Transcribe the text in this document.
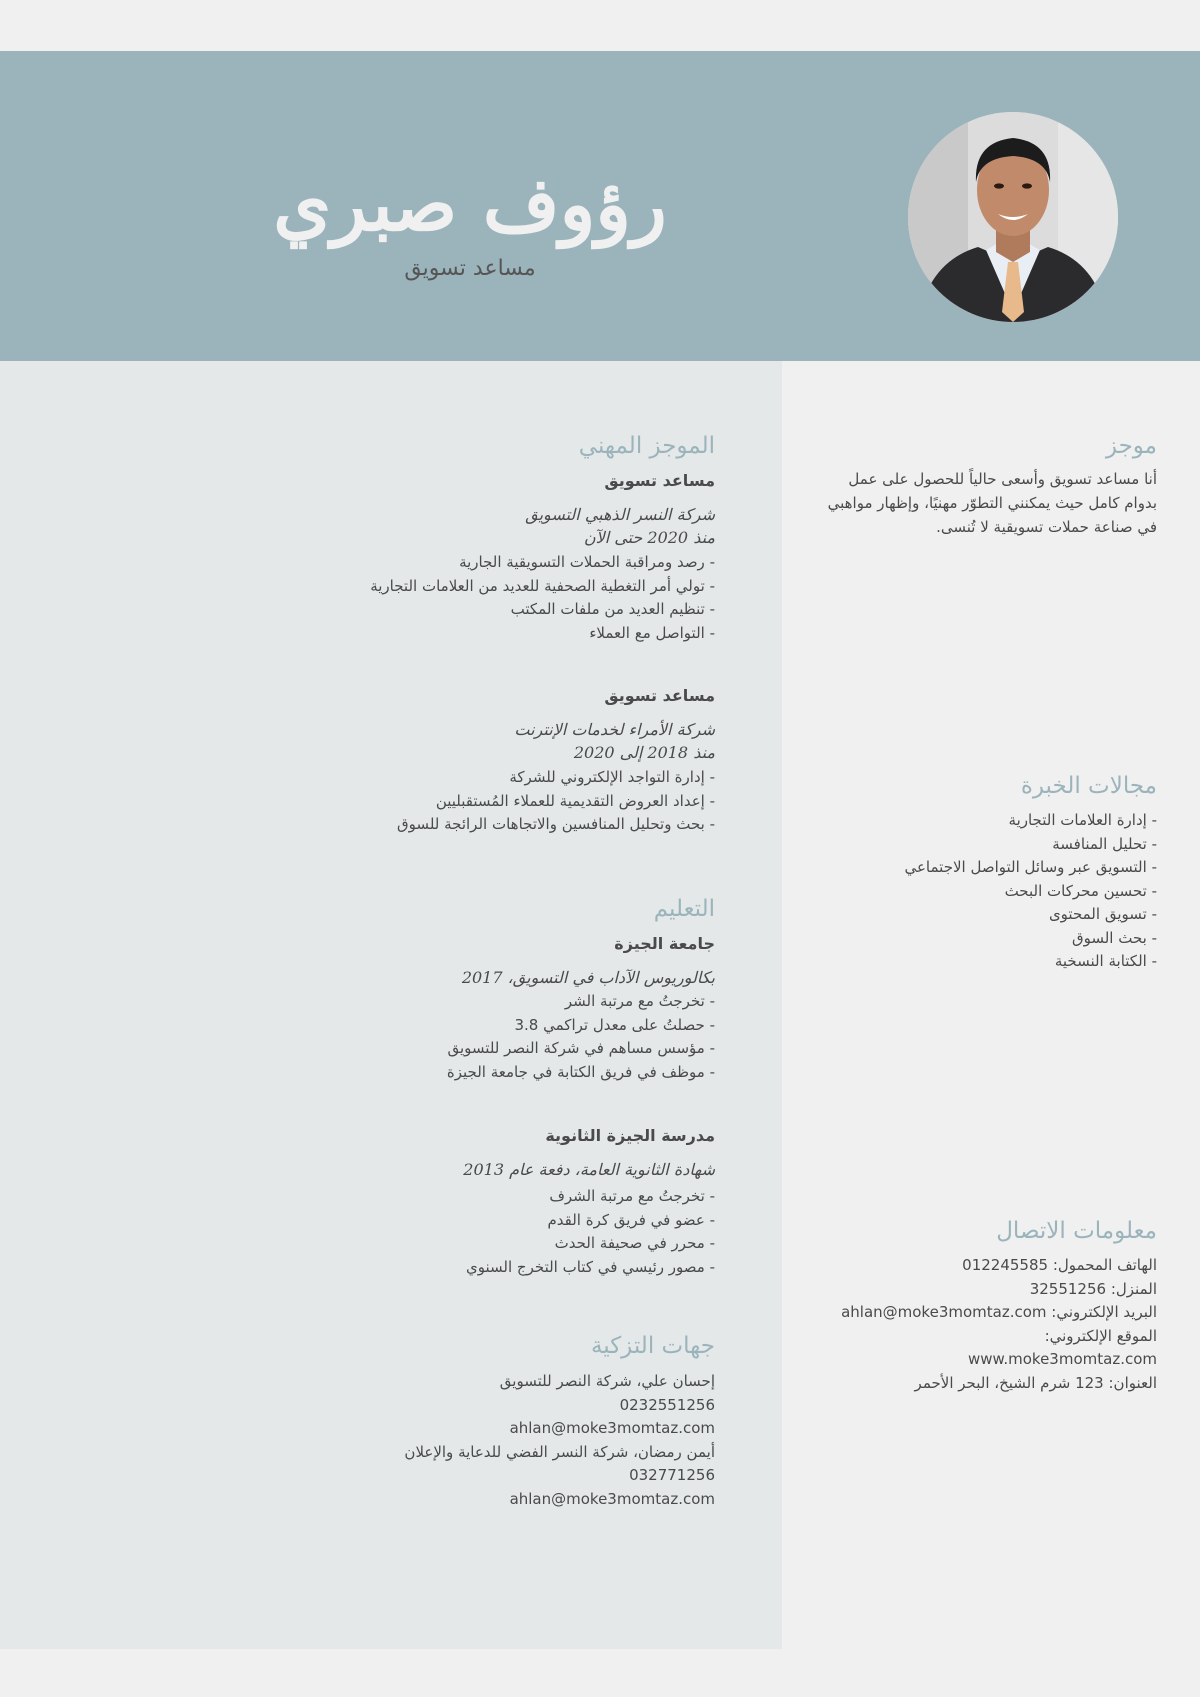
رؤوف صبري
مساعد تسويق
الموجز المهني
مساعد تسويق
شركة النسر الذهبي التسويق
منذ 2020 حتى الآن
- رصد ومراقبة الحملات التسويقية الجارية
- تولي أمر التغطية الصحفية للعديد من العلامات التجارية
- تنظيم العديد من ملفات المكتب
- التواصل مع العملاء
مساعد تسويق
شركة الأمراء لخدمات الإنترنت
منذ 2018 إلى 2020
- إدارة التواجد الإلكتروني للشركة
- إعداد العروض التقديمية للعملاء المُستقبليين
- بحث وتحليل المنافسين والاتجاهات الرائجة للسوق
التعليم
جامعة الجيزة
بكالوريوس الآداب في التسويق، 2017
- تخرجتُ مع مرتبة الشر
- حصلتُ على معدل تراكمي 3.8
- مؤسس مساهم في شركة النصر للتسويق
- موظف في فريق الكتابة في جامعة الجيزة
مدرسة الجيزة الثانوية
شهادة الثانوية العامة، دفعة عام 2013
- تخرجتُ مع مرتبة الشرف
- عضو في فريق كرة القدم
- محرر في صحيفة الحدث
- مصور رئيسي في كتاب التخرج السنوي
جهات التزكية
إحسان علي، شركة النصر للتسويق
0232551256
ahlan@moke3momtaz.com
أيمن رمضان، شركة النسر الفضي للدعاية والإعلان
032771256
ahlan@moke3momtaz.com
موجز
أنا مساعد تسويق وأسعى حالياً للحصول على عمل بدوام كامل حيث يمكنني التطوّر مهنيًا، وإظهار مواهبي في صناعة حملات تسويقية لا تُنسى.
مجالات الخبرة
- إدارة العلامات التجارية
- تحليل المنافسة
- التسويق عبر وسائل التواصل الاجتماعي
- تحسين محركات البحث
- تسويق المحتوى
- بحث السوق
- الكتابة النسخية
معلومات الاتصال
الهاتف المحمول: 012245585
المنزل: 32551256
البريد الإلكتروني: ahlan@moke3momtaz.com
الموقع الإلكتروني:
www.moke3momtaz.com
العنوان: 123 شرم الشيخ، البحر الأحمر
